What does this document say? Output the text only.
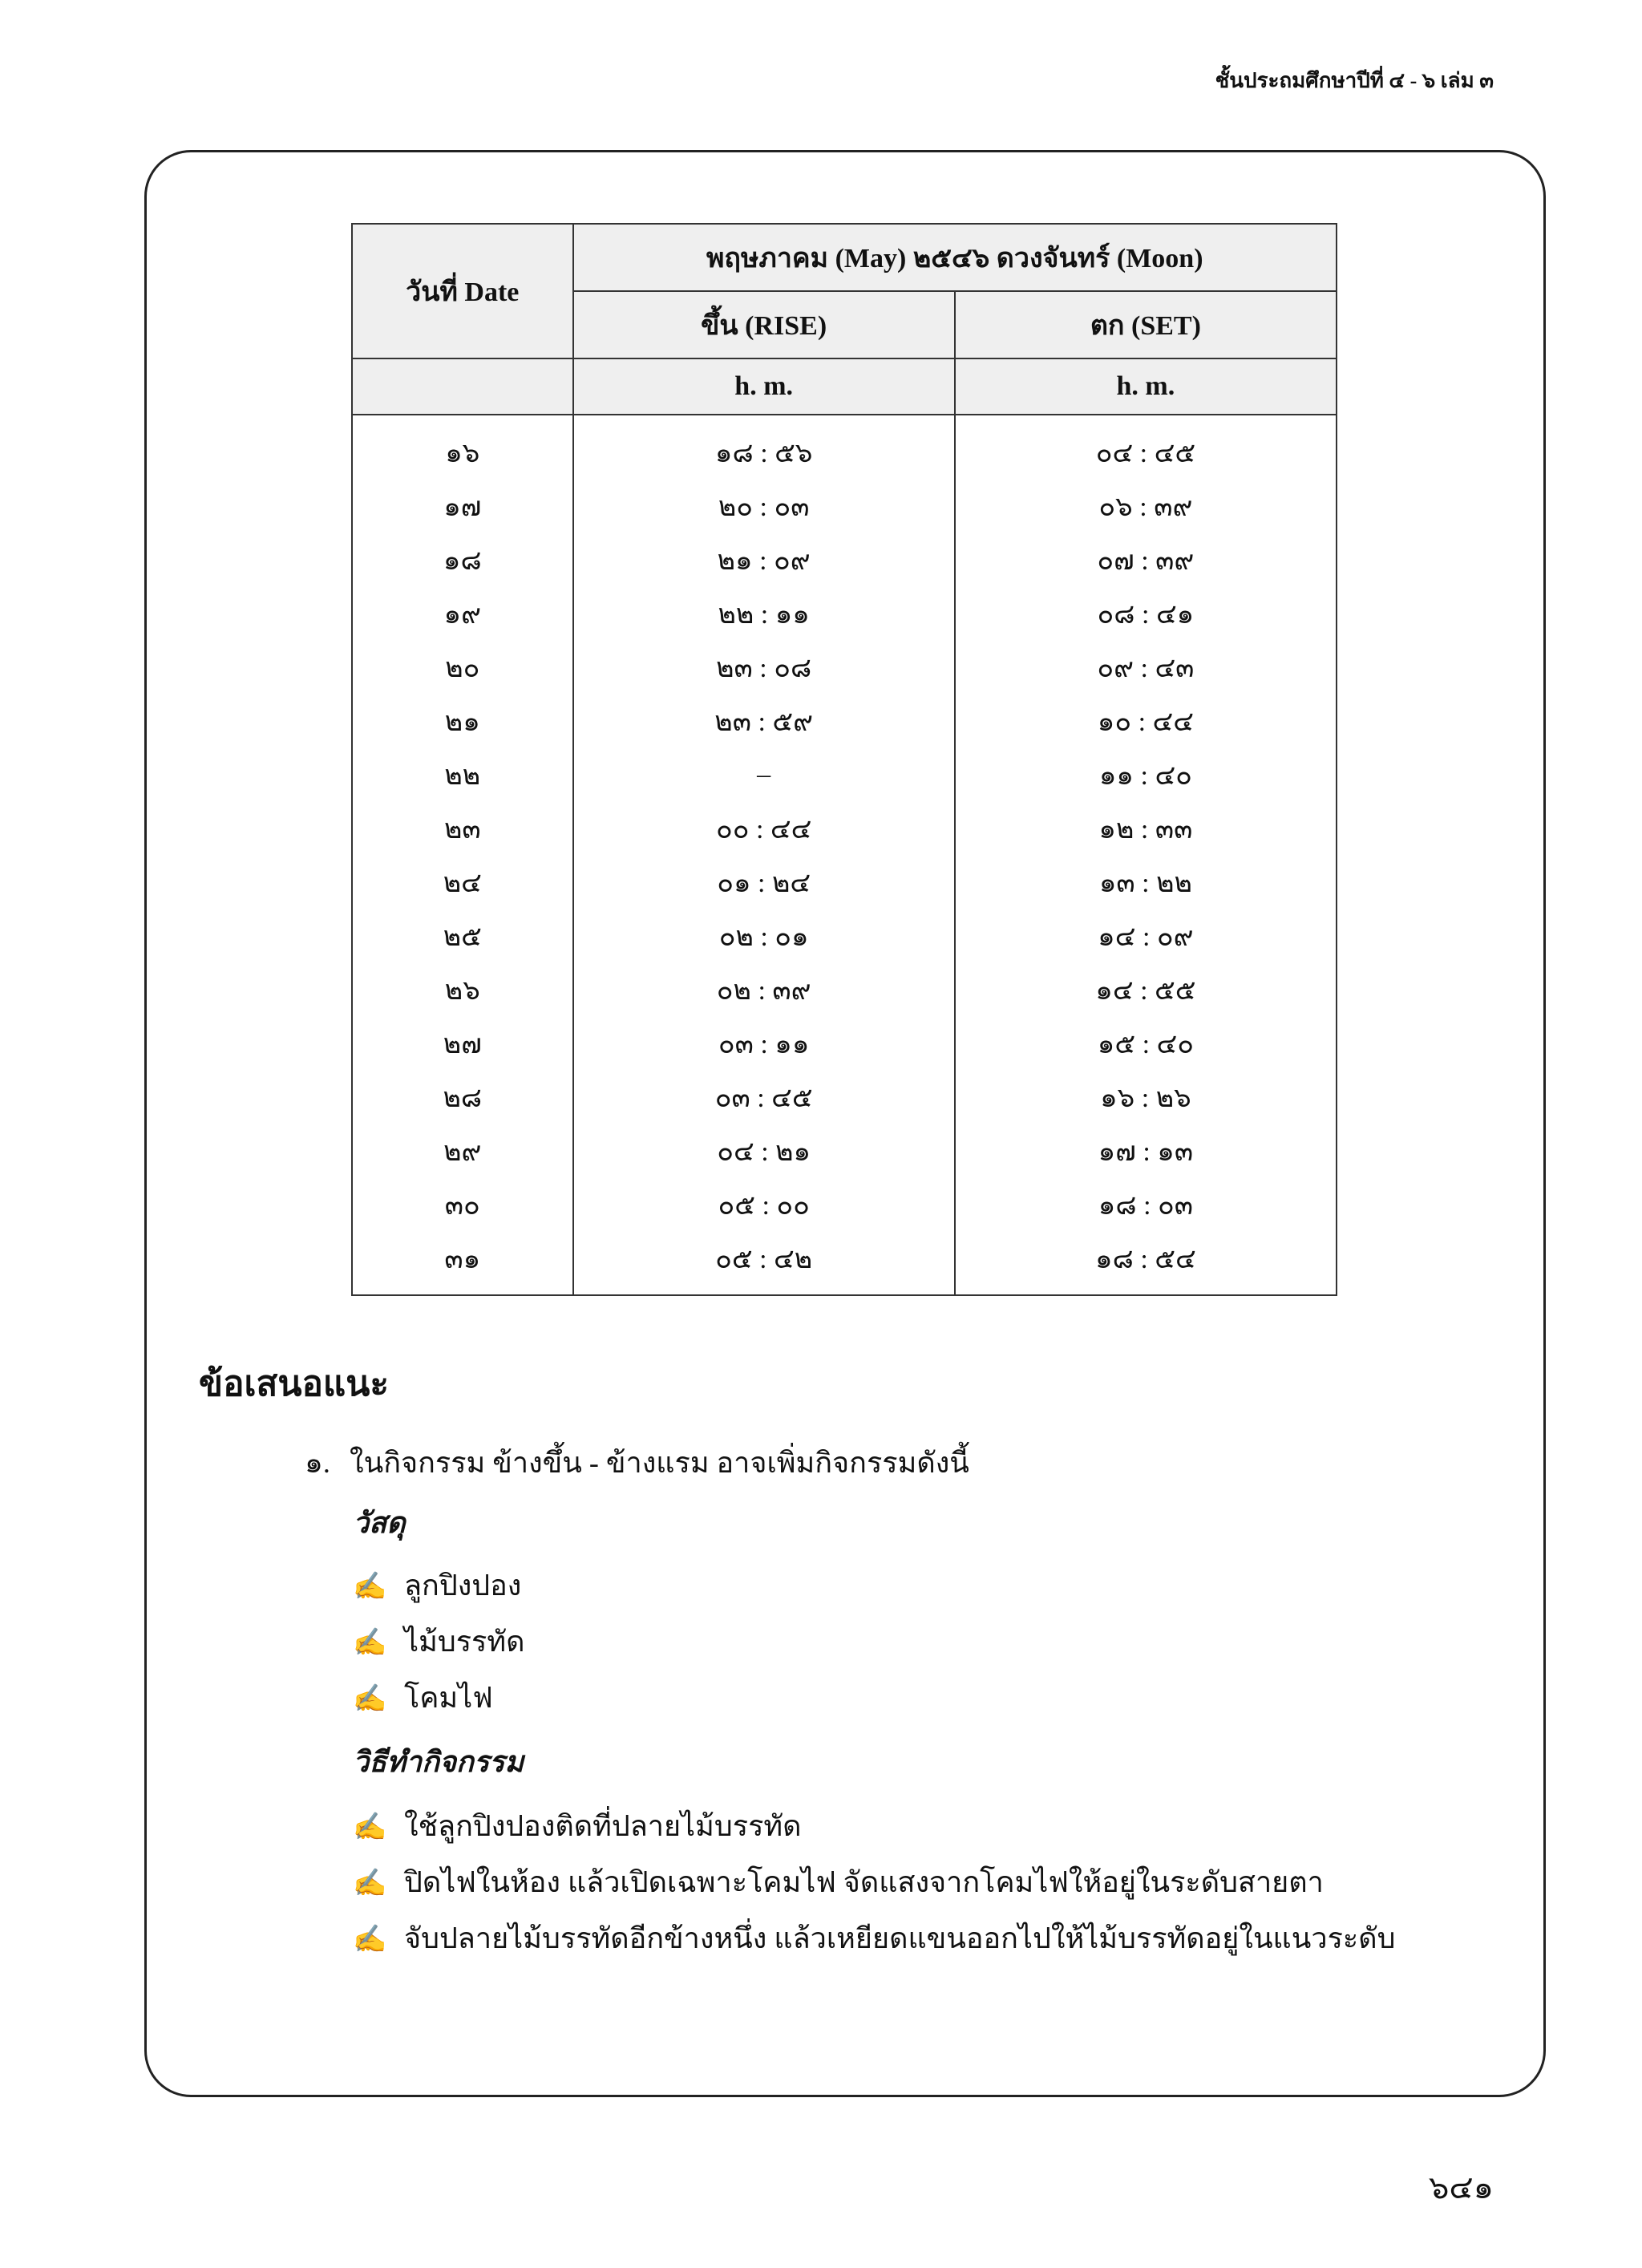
ชั้นประถมศึกษาปีที่ ๔ - ๖ เล่ม ๓
วันที่ Date	พฤษภาคม (May) ๒๕๔๖ ดวงจันทร์ (Moon)	
	ขึ้น (RISE)	ตก (SET)
	h. m.	h. m.
๑๖	๑๘ : ๕๖	๐๔ : ๔๕
๑๗	๒๐ : ๐๓	๐๖ : ๓๙
๑๘	๒๑ : ๐๙	๐๗ : ๓๙
๑๙	๒๒ : ๑๑	๐๘ : ๔๑
๒๐	๒๓ : ๐๘	๐๙ : ๔๓
๒๑	๒๓ : ๕๙	๑๐ : ๔๔
๒๒	–	๑๑ : ๔๐
๒๓	๐๐ : ๔๔	๑๒ : ๓๓
๒๔	๐๑ : ๒๔	๑๓ : ๒๒
๒๕	๐๒ : ๐๑	๑๔ : ๐๙
๒๖	๐๒ : ๓๙	๑๔ : ๕๕
๒๗	๐๓ : ๑๑	๑๕ : ๔๐
๒๘	๐๓ : ๔๕	๑๖ : ๒๖
๒๙	๐๔ : ๒๑	๑๗ : ๑๓
๓๐	๐๕ : ๐๐	๑๘ : ๐๓
๓๑	๐๕ : ๔๒	๑๘ : ๕๔
ข้อเสนอแนะ
๑. ในกิจกรรม ข้างขึ้น - ข้างแรม อาจเพิ่มกิจกรรมดังนี้
วัสดุ
✍ ลูกปิงปอง
✍ ไม้บรรทัด
✍ โคมไฟ
วิธีทำกิจกรรม
✍ ใช้ลูกปิงปองติดที่ปลายไม้บรรทัด
✍ ปิดไฟในห้อง แล้วเปิดเฉพาะโคมไฟ จัดแสงจากโคมไฟให้อยู่ในระดับสายตา
✍ จับปลายไม้บรรทัดอีกข้างหนึ่ง แล้วเหยียดแขนออกไปให้ไม้บรรทัดอยู่ในแนวระดับ
๖๔๑
